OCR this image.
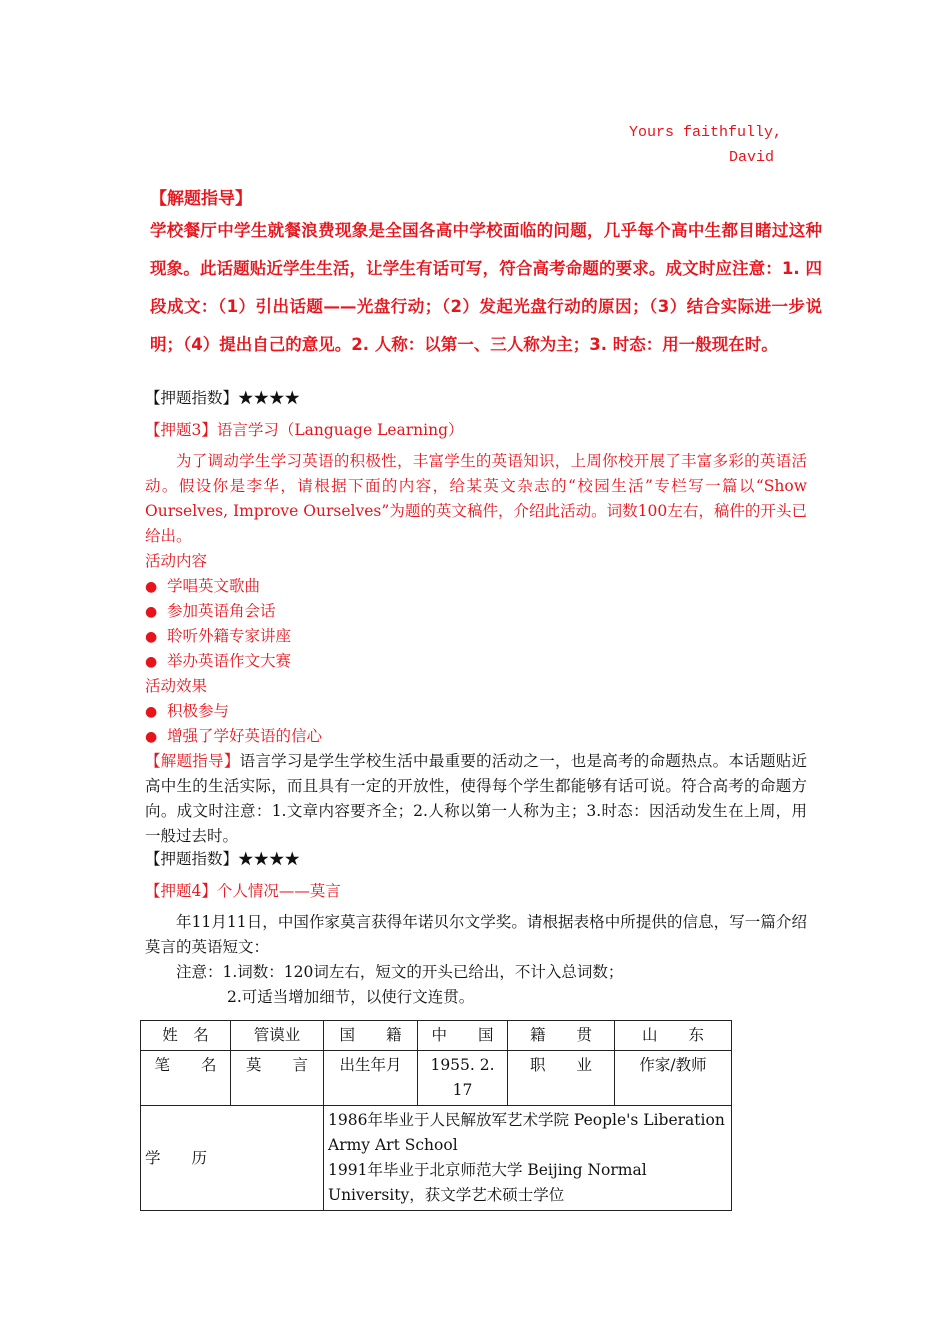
Yours faithfully,
David
【解题指导】
学校餐厅中学生就餐浪费现象是全国各高中学校面临的问题，几乎每个高中生都目睹过这种现象。此话题贴近学生生活，让学生有话可写，符合高考命题的要求。成文时应注意：1. 四段成文：（1）引出话题——光盘行动；（2）发起光盘行动的原因；（3）结合实际进一步说明；（4）提出自己的意见。2. 人称：以第一、三人称为主；3. 时态：用一般现在时。
【押题指数】★★★★
【押题3】语言学习（Language Learning）
为了调动学生学习英语的积极性，丰富学生的英语知识，上周你校开展了丰富多彩的英语活动。假设你是李华，请根据下面的内容，给某英文杂志的“校园生活”专栏写一篇以“Show Ourselves, Improve Ourselves”为题的英文稿件，介绍此活动。词数100左右，稿件的开头已给出。
活动内容
● 学唱英文歌曲
● 参加英语角会话
● 聆听外籍专家讲座
● 举办英语作文大赛
活动效果
● 积极参与
● 增强了学好英语的信心
【解题指导】语言学习是学生学校生活中最重要的活动之一，也是高考的命题热点。本话题贴近高中生的生活实际，而且具有一定的开放性，使得每个学生都能够有话可说。符合高考的命题方向。成文时注意：1.文章内容要齐全；2.人称以第一人称为主；3.时态：因活动发生在上周，用一般过去时。
【押题指数】★★★★
【押题4】个人情况——莫言
年11月11日，中国作家莫言获得年诺贝尔文学奖。请根据表格中所提供的信息，写一篇介绍莫言的英语短文：
注意：1.词数：120词左右，短文的开头已给出，不计入总词数；
2.可适当增加细节，以使行文连贯。
姓　名	管谟业	国　　籍	中　　国	籍　　贯	山　　东
笔　　名	莫　　言	出生年月	1955. 2. 17	职　　业	作家/教师
学　　历		1986年毕业于人民解放军艺术学院 People's Liberation Army Art School
1991年毕业于北京师范大学 Beijing Normal University，获文学艺术硕士学位			
